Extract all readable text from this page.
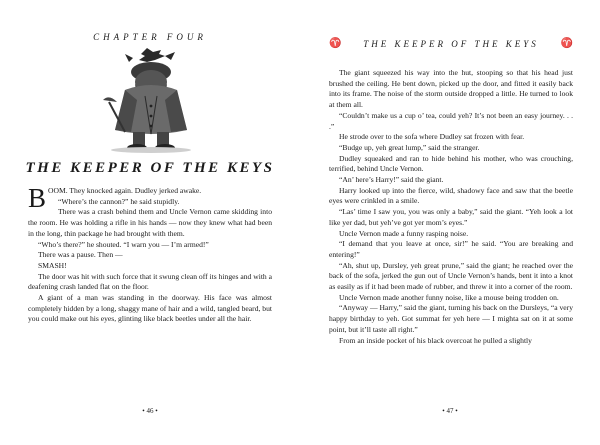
CHAPTER FOUR
THE KEEPER OF THE KEYS

BOOM. They knocked again. Dudley jerked awake.

“Where’s the cannon?” he said stupidly.

There was a crash behind them and Uncle Vernon came skidding into the room. He was holding a rifle in his hands — now they knew what had been in the long, thin package he had brought with them.

“Who’s there?” he shouted. “I warn you — I’m armed!”

There was a pause. Then —

SMASH!

The door was hit with such force that it swung clean off its hinges and with a deafening crash landed flat on the floor.

A giant of a man was standing in the doorway. His face was almost completely hidden by a long, shaggy mane of hair and a wild, tangled beard, but you could make out his eyes, glinting like black beetles under all the hair.

• 46 •
♈ THE KEEPER OF THE KEYS ♈

The giant squeezed his way into the hut, stooping so that his head just brushed the ceiling. He bent down, picked up the door, and fitted it easily back into its frame. The noise of the storm outside dropped a little. He turned to look at them all.

“Couldn’t make us a cup o’ tea, could yeh? It’s not been an easy journey. . . .”

He strode over to the sofa where Dudley sat frozen with fear.

“Budge up, yeh great lump,” said the stranger.

Dudley squeaked and ran to hide behind his mother, who was crouching, terrified, behind Uncle Vernon.

“An’ here’s Harry!” said the giant.

Harry looked up into the fierce, wild, shadowy face and saw that the beetle eyes were crinkled in a smile.

“Las’ time I saw you, you was only a baby,” said the giant. “Yeh look a lot like yer dad, but yeh’ve got yer mom’s eyes.”

Uncle Vernon made a funny rasping noise.

“I demand that you leave at once, sir!” he said. “You are breaking and entering!”

“Ah, shut up, Dursley, yeh great prune,” said the giant; he reached over the back of the sofa, jerked the gun out of Uncle Vernon’s hands, bent it into a knot as easily as if it had been made of rubber, and threw it into a corner of the room.

Uncle Vernon made another funny noise, like a mouse being trodden on.

“Anyway — Harry,” said the giant, turning his back on the Dursleys, “a very happy birthday to yeh. Got summat fer yeh here — I mighta sat on it at some point, but it’ll taste all right.”

From an inside pocket of his black overcoat he pulled a slightly

• 47 •
